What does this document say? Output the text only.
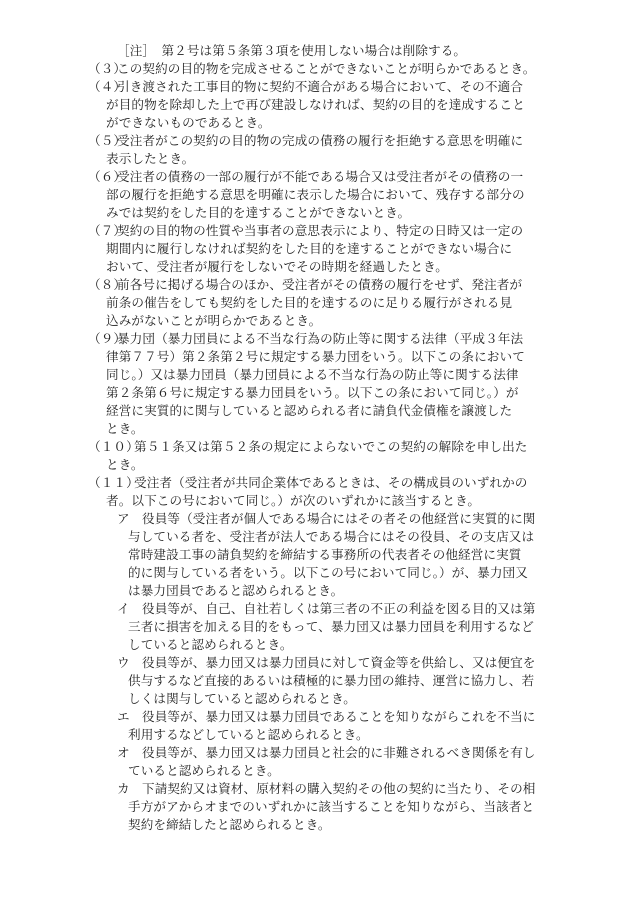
［注］　第２号は第５条第３項を使用しない場合は削除する。
（３）
この契約の目的物を完成させることができないことが明らかであるとき。
（４）
引き渡された工事目的物に契約不適合がある場合において、その不適合
が目的物を除却した上で再び建設しなければ、契約の目的を達成すること
ができないものであるとき。
（５）
受注者がこの契約の目的物の完成の債務の履行を拒絶する意思を明確に
表示したとき。
（６）
受注者の債務の一部の履行が不能である場合又は受注者がその債務の一
部の履行を拒絶する意思を明確に表示した場合において、残存する部分の
みでは契約をした目的を達することができないとき。
（７）
契約の目的物の性質や当事者の意思表示により、特定の日時又は一定の
期間内に履行しなければ契約をした目的を達することができない場合に
おいて、受注者が履行をしないでその時期を経過したとき。
（８）
前各号に掲げる場合のほか、受注者がその債務の履行をせず、発注者が
前条の催告をしても契約をした目的を達するのに足りる履行がされる見
込みがないことが明らかであるとき。
（９）
暴力団（暴力団員による不当な行為の防止等に関する法律（平成３年法
律第７７号）第２条第２号に規定する暴力団をいう。以下この条において
同じ。）又は暴力団員（暴力団員による不当な行為の防止等に関する法律
第２条第６号に規定する暴力団員をいう。以下この条において同じ。）が
経営に実質的に関与していると認められる者に請負代金債権を譲渡した
とき。
（１０）
第５１条又は第５２条の規定によらないでこの契約の解除を申し出た
とき。
（１１）
受注者（受注者が共同企業体であるときは、その構成員のいずれかの
者。以下この号において同じ。）が次のいずれかに該当するとき。
ア 役員等（受注者が個人である場合にはその者その他経営に実質的に関
与している者を、受注者が法人である場合にはその役員、その支店又は
常時建設工事の請負契約を締結する事務所の代表者その他経営に実質
的に関与している者をいう。以下この号において同じ。）が、暴力団又
は暴力団員であると認められるとき。
イ 役員等が、自己、自社若しくは第三者の不正の利益を図る目的又は第
三者に損害を加える目的をもって、暴力団又は暴力団員を利用するなど
していると認められるとき。
ウ 役員等が、暴力団又は暴力団員に対して資金等を供給し、又は便宜を
供与するなど直接的あるいは積極的に暴力団の維持、運営に協力し、若
しくは関与していると認められるとき。
エ 役員等が、暴力団又は暴力団員であることを知りながらこれを不当に
利用するなどしていると認められるとき。
オ 役員等が、暴力団又は暴力団員と社会的に非難されるべき関係を有し
ていると認められるとき。
カ 下請契約又は資材、原材料の購入契約その他の契約に当たり、その相
手方がアからオまでのいずれかに該当することを知りながら、当該者と
契約を締結したと認められるとき。
